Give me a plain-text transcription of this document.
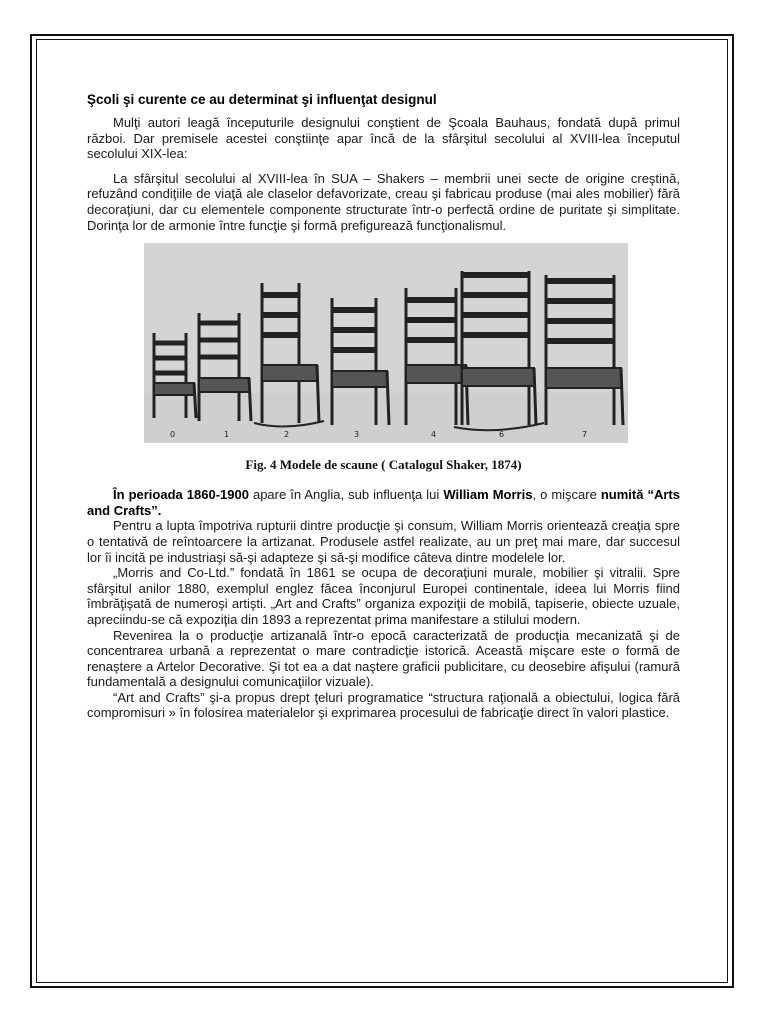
Şcoli şi curente ce au determinat şi influenţat designul

Mulţi autori leagă începuturile designului conştient de Şcoala Bauhaus, fondată după primul război. Dar premisele acestei conştiinţe apar încă de la sfârşitul secolului al XVIII-lea începutul secolului XIX-lea:

La sfârşitul secolului al XVIII-lea în SUA – Shakers – membrii unei secte de origine creştină, refuzând condiţiile de viaţă ale claselor defavorizate, creau şi fabricau produse (mai ales mobilier) fără decoraţiuni, dar cu elementele componente structurate într-o perfectă ordine de puritate şi simplitate. Dorinţa lor de armonie între funcţie şi formă prefigurează funcţionalismul.

0	1	2	3	4	6	7
Fig. 4 Modele de scaune ( Catalogul Shaker, 1874)

În perioada 1860-1900 apare în Anglia, sub influenţa lui William Morris, o mişcare numită “Arts and Crafts”.

Pentru a lupta împotriva rupturii dintre producţie şi consum, William Morris orientează creaţia spre o tentativă de reîntoarcere la artizanat. Produsele astfel realizate, au un preţ mai mare, dar succesul lor îi incită pe industriaşi să-şi adapteze şi să-şi modifice câteva dintre modelele lor.

„Morris and Co-Ltd.” fondată în 1861 se ocupa de decoraţiuni murale, mobilier şi vitralii. Spre sfârşitul anilor 1880, exemplul englez făcea înconjurul Europei continentale, ideea lui Morris fiind îmbrăţişată de numeroşi artişti. „Art and Crafts” organiza expoziţii de mobilă, tapiserie, obiecte uzuale, apreciindu-se că expoziţia din 1893 a reprezentat prima manifestare a stilului modern.

Revenirea la o producţie artizanală într-o epocă caracterizată de producţia mecanizată şi de concentrarea urbană a reprezentat o mare contradicţie istorică. Această mişcare este o formă de renaştere a Artelor Decorative. Şi tot ea a dat naştere graficii publicitare, cu deosebire afişului (ramură fundamentală a designului comunicaţiilor vizuale).

“Art and Crafts” şi-a propus drept ţeluri programatice “structura raţională a obiectului, logica fără compromisuri » în folosirea materialelor şi exprimarea procesului de fabricaţie direct în valori plastice.
